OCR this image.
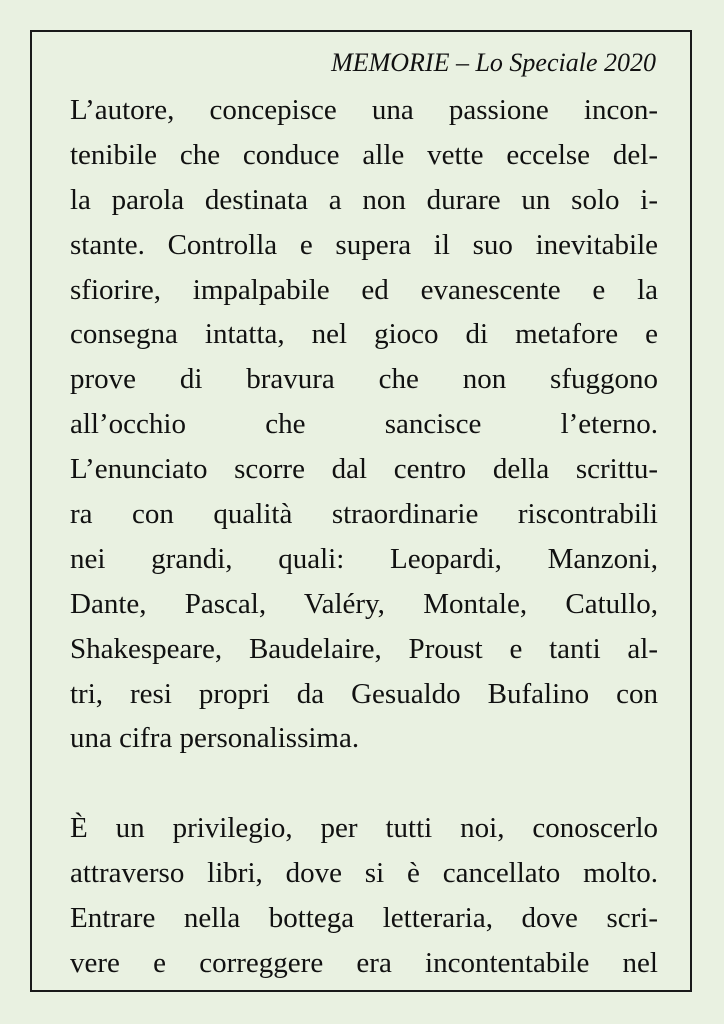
MEMORIE – Lo Speciale 2020
L’autore, concepisce una passione incon-
tenibile che conduce alle vette eccelse del-
la parola destinata a non durare un solo i-
stante. Controlla e supera il suo inevitabile
sfiorire, impalpabile ed evanescente e la
consegna intatta, nel gioco di metafore e
prove di bravura che non sfuggono
all’occhio che sancisce l’eterno.
L’enunciato scorre dal centro della scrittu-
ra con qualità straordinarie riscontrabili
nei grandi, quali: Leopardi, Manzoni,
Dante, Pascal, Valéry, Montale, Catullo,
Shakespeare, Baudelaire, Proust e tanti al-
tri, resi propri da Gesualdo Bufalino con
una cifra personalissima.
È un privilegio, per tutti noi, conoscerlo
attraverso libri, dove si è cancellato molto.
Entrare nella bottega letteraria, dove scri-
vere e correggere era incontentabile nel
